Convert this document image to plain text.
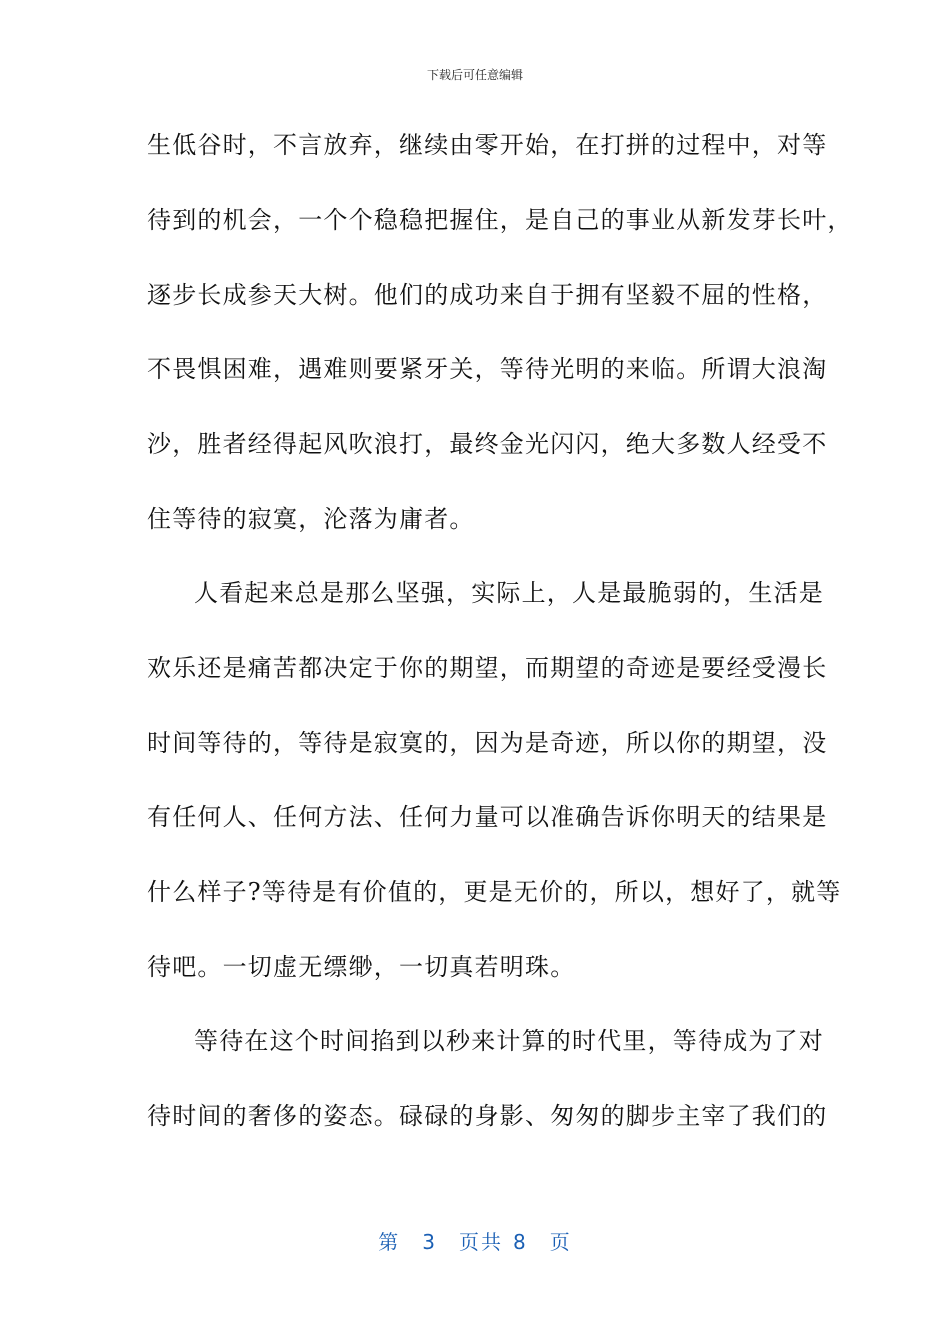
下载后可任意编辑
生低谷时，不言放弃，继续由零开始，在打拼的过程中，对等
待到的机会，一个个稳稳把握住，是自己的事业从新发芽长叶，
逐步长成参天大树。他们的成功来自于拥有坚毅不屈的性格，
不畏惧困难，遇难则要紧牙关，等待光明的来临。所谓大浪淘
沙，胜者经得起风吹浪打，最终金光闪闪，绝大多数人经受不
住等待的寂寞，沦落为庸者。
人看起来总是那么坚强，实际上，人是最脆弱的，生活是
欢乐还是痛苦都决定于你的期望，而期望的奇迹是要经受漫长
时间等待的，等待是寂寞的，因为是奇迹，所以你的期望，没
有任何人、任何方法、任何力量可以准确告诉你明天的结果是
什么样子?等待是有价值的，更是无价的，所以，想好了，就等
待吧。一切虚无缥缈，一切真若明珠。
等待在这个时间掐到以秒来计算的时代里，等待成为了对
待时间的奢侈的姿态。碌碌的身影、匆匆的脚步主宰了我们的
第 3 页共 8 页
